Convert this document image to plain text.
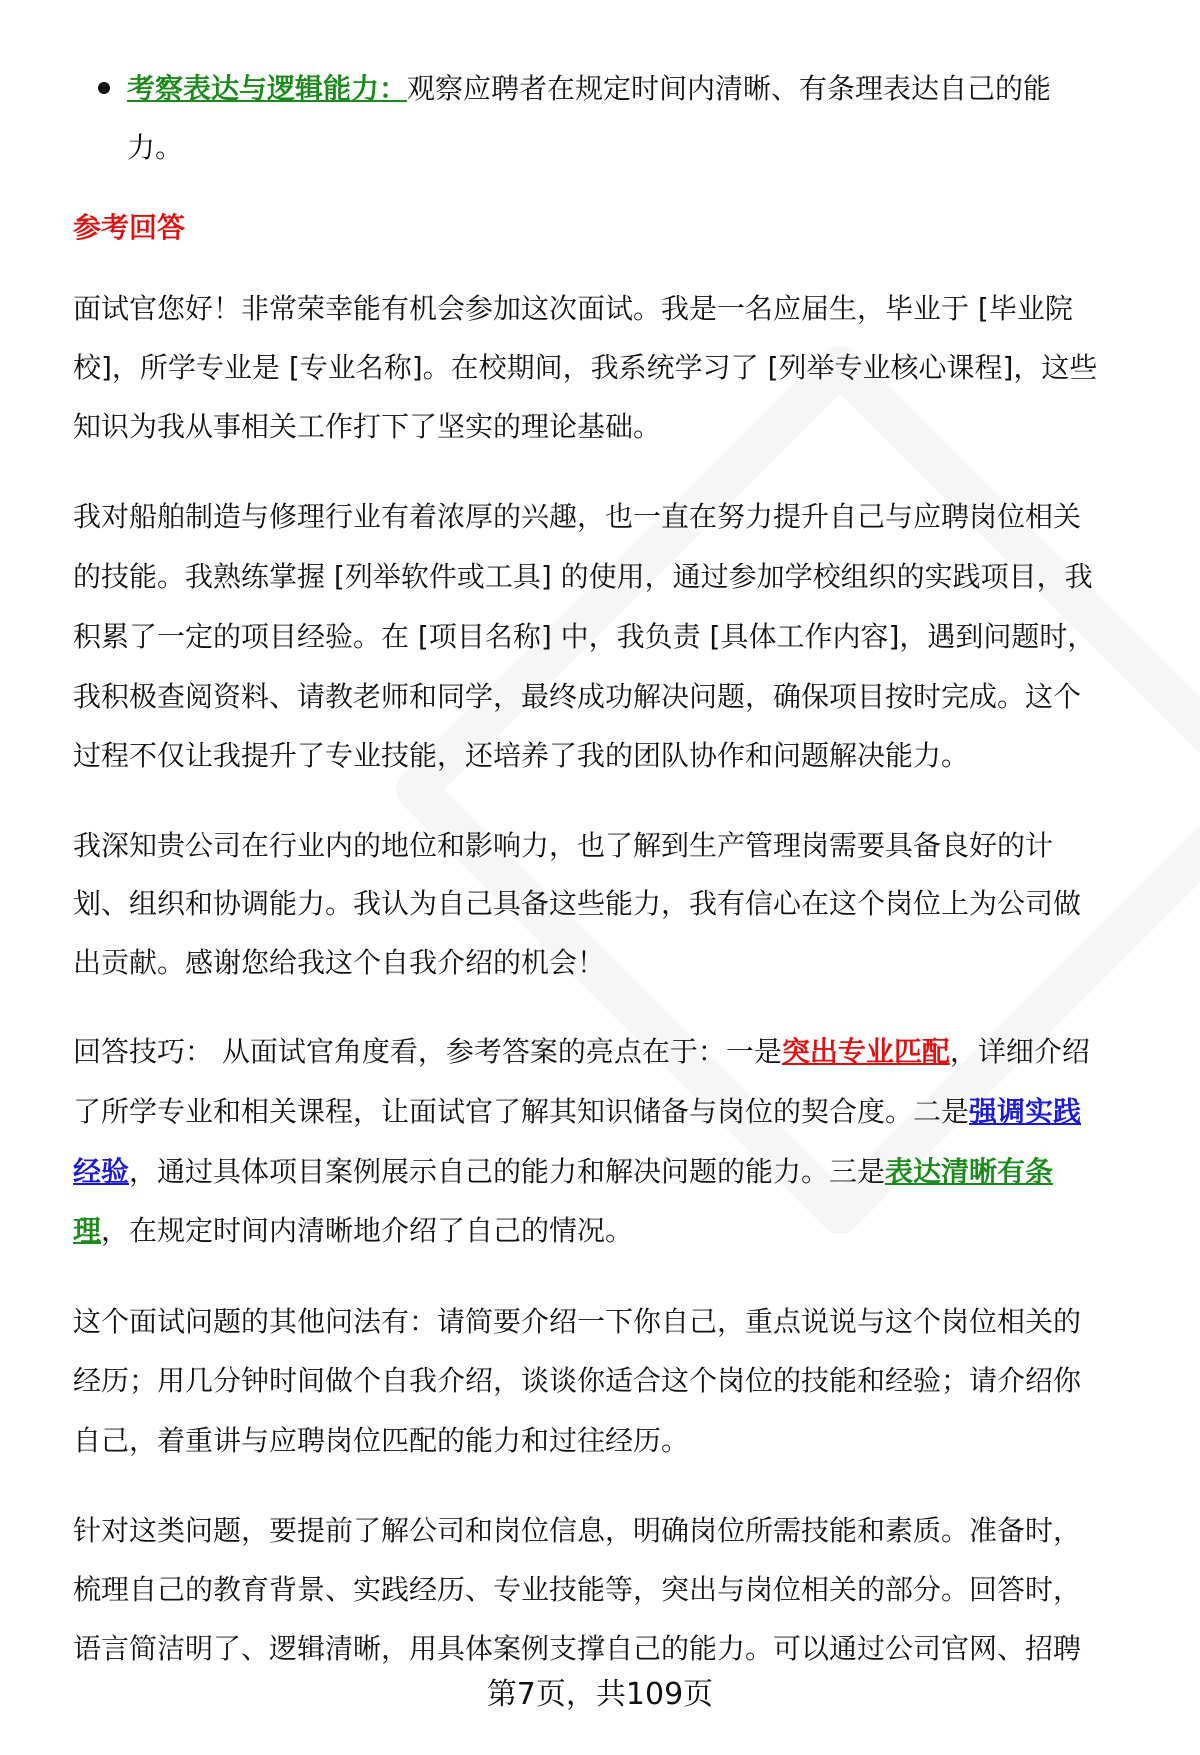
考察表达与逻辑能力：观察应聘者在规定时间内清晰、有条理表达自己的能
力。
参考回答
面试官您好！非常荣幸能有机会参加这次面试。我是一名应届生，毕业于 [毕业院
校]，所学专业是 [专业名称]。在校期间，我系统学习了 [列举专业核心课程]，这些
知识为我从事相关工作打下了坚实的理论基础。
我对船舶制造与修理行业有着浓厚的兴趣，也一直在努力提升自己与应聘岗位相关
的技能。我熟练掌握 [列举软件或工具] 的使用，通过参加学校组织的实践项目，我
积累了一定的项目经验。在 [项目名称] 中，我负责 [具体工作内容]，遇到问题时，
我积极查阅资料、请教老师和同学，最终成功解决问题，确保项目按时完成。这个
过程不仅让我提升了专业技能，还培养了我的团队协作和问题解决能力。
我深知贵公司在行业内的地位和影响力，也了解到生产管理岗需要具备良好的计
划、组织和协调能力。我认为自己具备这些能力，我有信心在这个岗位上为公司做
出贡献。感谢您给我这个自我介绍的机会！
回答技巧： 从面试官角度看，参考答案的亮点在于：一是突出专业匹配，详细介绍
了所学专业和相关课程，让面试官了解其知识储备与岗位的契合度。二是强调实践
经验，通过具体项目案例展示自己的能力和解决问题的能力。三是表达清晰有条
理，在规定时间内清晰地介绍了自己的情况。
这个面试问题的其他问法有：请简要介绍一下你自己，重点说说与这个岗位相关的
经历；用几分钟时间做个自我介绍，谈谈你适合这个岗位的技能和经验；请介绍你
自己，着重讲与应聘岗位匹配的能力和过往经历。
针对这类问题，要提前了解公司和岗位信息，明确岗位所需技能和素质。准备时，
梳理自己的教育背景、实践经历、专业技能等，突出与岗位相关的部分。回答时，
语言简洁明了、逻辑清晰，用具体案例支撑自己的能力。可以通过公司官网、招聘
第7页，共109页
